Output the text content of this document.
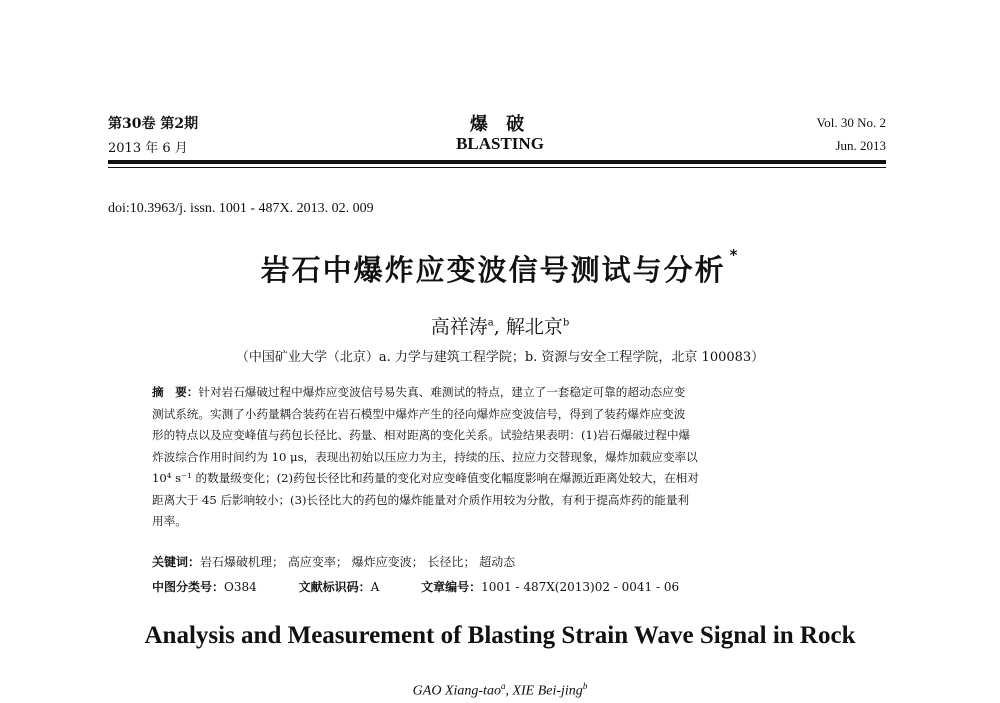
第30卷 第2期
2013 年 6 月
爆 破
BLASTING
Vol. 30 No. 2
Jun. 2013
doi:10.3963/j. issn. 1001 - 487X. 2013. 02. 009
岩石中爆炸应变波信号测试与分析 *
高祥涛$^a$, 解北京$^b$
（中国矿业大学（北京）a. 力学与建筑工程学院；b. 资源与安全工程学院，北京 100083）
摘　要：针对岩石爆破过程中爆炸应变波信号易失真、难测试的特点，建立了一套稳定可靠的超动态应变
测试系统。实测了小药量耦合装药在岩石模型中爆炸产生的径向爆炸应变波信号，得到了装药爆炸应变波
形的特点以及应变峰值与药包长径比、药量、相对距离的变化关系。试验结果表明：(1)岩石爆破过程中爆
炸波综合作用时间约为 10 μs，表现出初始以压应力为主，持续的压、拉应力交替现象，爆炸加载应变率以
10⁴ s⁻¹ 的数量级变化；(2)药包长径比和药量的变化对应变峰值变化幅度影响在爆源近距离处较大，在相对
距离大于 45 后影响较小；(3)长径比大的药包的爆炸能量对介质作用较为分散，有利于提高炸药的能量利
用率。
关键词：岩石爆破机理； 高应变率； 爆炸应变波； 长径比； 超动态
中图分类号：O384	文献标识码：A	文章编号：1001 - 487X(2013)02 - 0041 - 06
Analysis and Measurement of Blasting Strain Wave Signal in Rock
GAO Xiang-tao$^a$, XIE Bei-jing$^b$
